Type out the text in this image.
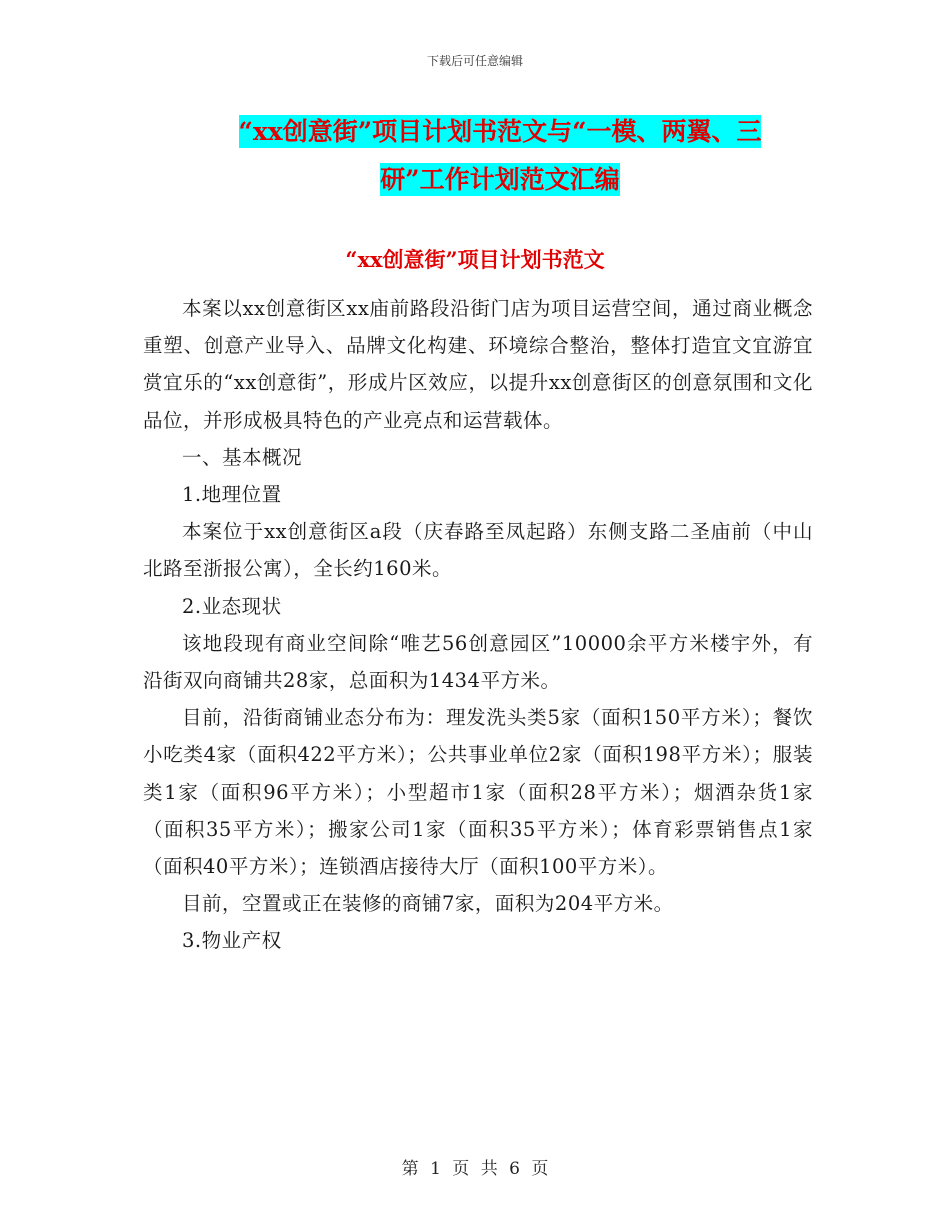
下载后可任意编辑
“xx创意街”项目计划书范文与“一模、两翼、三
研”工作计划范文汇编
“xx创意街”项目计划书范文

本案以xx创意街区xx庙前路段沿街门店为项目运营空间，通过商业概念重塑、创意产业导入、品牌文化构建、环境综合整治，整体打造宜文宜游宜赏宜乐的“xx创意街”，形成片区效应，以提升xx创意街区的创意氛围和文化品位，并形成极具特色的产业亮点和运营载体。

一、基本概况

1.地理位置

本案位于xx创意街区a段（庆春路至凤起路）东侧支路二圣庙前（中山北路至浙报公寓），全长约160米。

2.业态现状

该地段现有商业空间除“唯艺56创意园区”10000余平方米楼宇外，有沿街双向商铺共28家，总面积为1434平方米。

目前，沿街商铺业态分布为：理发洗头类5家（面积150平方米）；餐饮小吃类4家（面积422平方米）；公共事业单位2家（面积198平方米）；服装类1家（面积96平方米）；小型超市1家（面积28平方米）；烟酒杂货1家（面积35平方米）；搬家公司1家（面积35平方米）；体育彩票销售点1家（面积40平方米）；连锁酒店接待大厅（面积100平方米）。

目前，空置或正在装修的商铺7家，面积为204平方米。

3.物业产权

第 1 页 共 6 页
